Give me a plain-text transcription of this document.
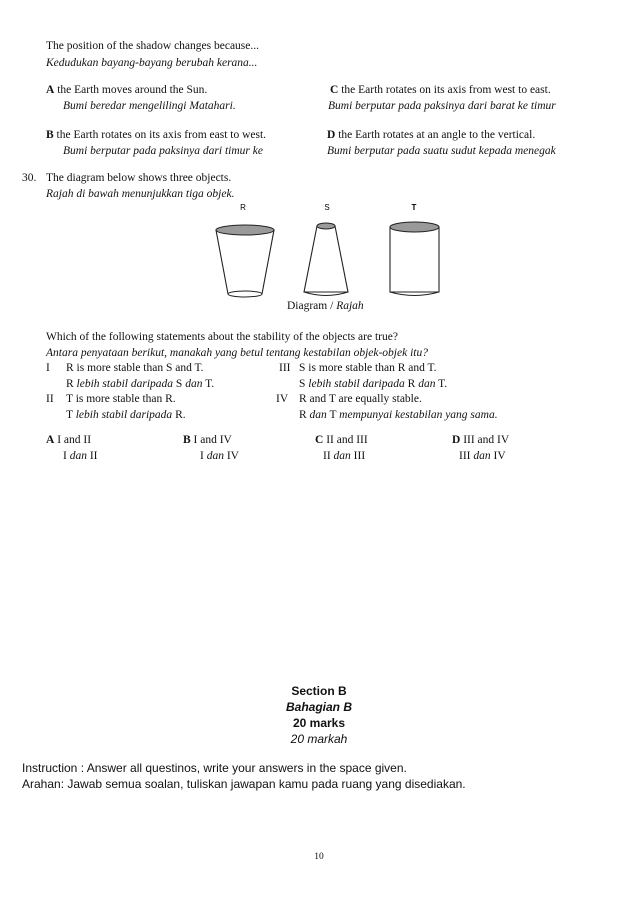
The position of the shadow changes because...
Kedudukan bayang-bayang berubah kerana...
A the Earth moves around the Sun.
Bumi beredar mengelilingi Matahari.
B the Earth rotates on its axis from east to west.
Bumi berputar pada paksinya dari timur ke
C the Earth rotates on its axis from west to east.
Bumi berputar pada paksinya dari barat ke timur
D the Earth rotates at an angle to the vertical.
Bumi berputar pada suatu sudut kepada menegak
30. The diagram below shows three objects.
Rajah di bawah menunjukkan tiga objek.
R	S	T
Diagram / Rajah
Which of the following statements about the stability of the objects are true?
Antara penyataan berikut, manakah yang betul tentang kestabilan objek-objek itu?
I R is more stable than S and T.
R lebih stabil daripada S dan T.
II T is more stable than R.
T lebih stabil daripada R.
III S is more stable than R and T.
S lebih stabil daripada R dan T.
IV R and T are equally stable.
R dan T mempunyai kestabilan yang sama.
A I and II
I dan II
B I and IV
I dan IV
C II and III
II dan III
D III and IV
III dan IV
Section B
Bahagian B
20 marks
20 markah
Instruction : Answer all questinos, write your answers in the space given.
Arahan: Jawab semua soalan, tuliskan jawapan kamu pada ruang yang disediakan.
10
